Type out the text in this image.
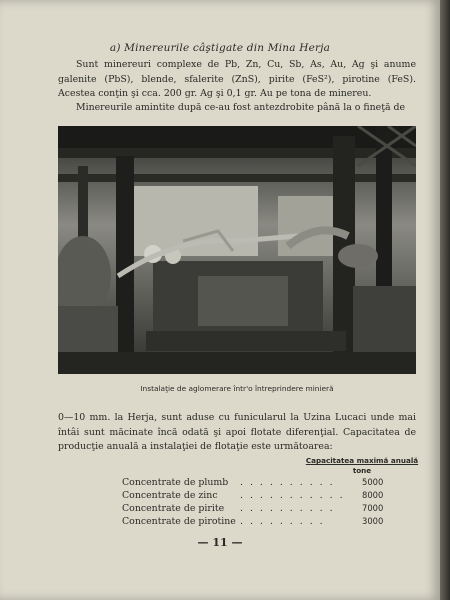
a) Minereurile câştigate din Mina Herja
Sunt minereuri complexe de Pb, Zn, Cu, Sb, As, Au, Ag şi anume galenite (PbS), blende, sfalerite (ZnS), pirite (FeS²), pirotine (FeS). Acestea conţin şi cca. 200 gr. Ag şi 0,1 gr. Au pe tona de minereu.
Minereurile amintite după ce-au fost antezdrobite până la o fineţă de
Instalaţie de aglomerare într'o întreprindere minieră
0—10 mm. la Herja, sunt aduse cu funicularul la Uzina Lucaci unde mai întâi sunt măcinate încă odată şi apoi flotate diferenţial. Capacitatea de producţie anuală a instalaţiei de flotaţie este următoarea:
Capacitatea maximă anuală
tone
Concentrate de plumb . . . . . . . . . .	5000
Concentrate de zinc . . . . . . . . . . .	8000
Concentrate de pirite . . . . . . . . . .	7000
Concentrate de pirotine . . . . . . . . .	3000
— 11 —
